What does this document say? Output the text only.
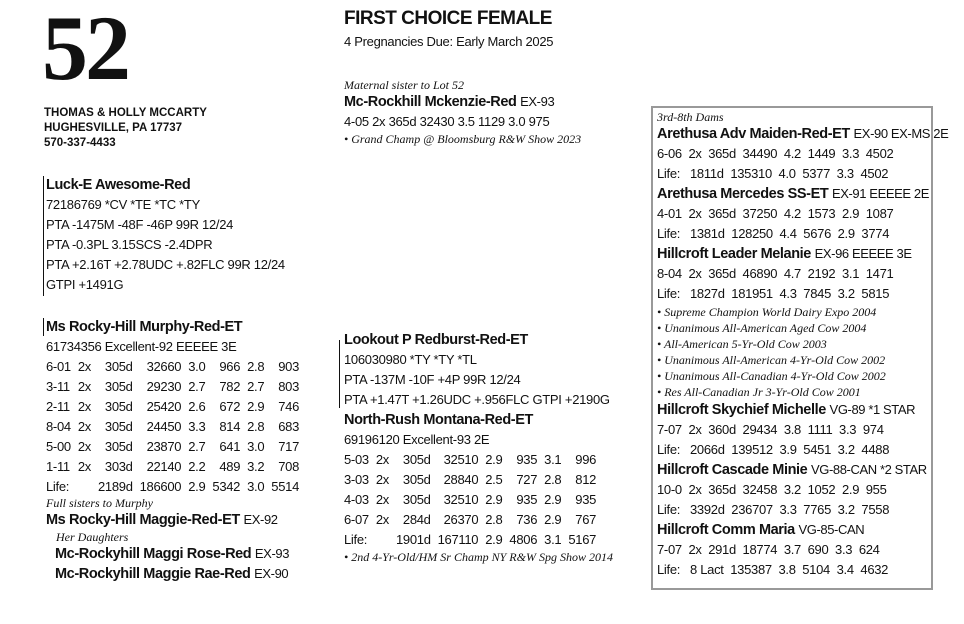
52
THOMAS & HOLLY MCCARTY
HUGHESVILLE, PA 17737
570-337-4433
FIRST CHOICE FEMALE
4 Pregnancies Due: Early March 2025
Luck-E Awesome-Red
72186769 *CV *TE *TC *TY
PTA -1475M -48F -46P 99R 12/24
PTA -0.3PL 3.15SCS -2.4DPR
PTA +2.16T +2.78UDC +.82FLC 99R 12/24
GTPI +1491G
Ms Rocky-Hill Murphy-Red-ET
61734356 Excellent-92 EEEEE 3E
6-01	2x	305d	32660	3.0	966	2.8	903
3-11	2x	305d	29230	2.7	782	2.7	803
2-11	2x	305d	25420	2.6	672	2.9	746
8-04	2x	305d	24450	3.3	814	2.8	683
5-00	2x	305d	23870	2.7	641	3.0	717
1-11	2x	303d	22140	2.2	489	3.2	708
Life:		2189d	186600	2.9	5342	3.0	5514
Full sisters to Murphy
Ms Rocky-Hill Maggie-Red-ET EX-92
Her Daughters
Mc-Rockyhill Maggi Rose-Red EX-93
Mc-Rockyhill Maggie Rae-Red EX-90
Maternal sister to Lot 52
Mc-Rockhill Mckenzie-Red EX-93
4-05 2x 365d 32430 3.5 1129 3.0 975
• Grand Champ @ Bloomsburg R&W Show 2023
Lookout P Redburst-Red-ET
106030980 *TY *TY *TL
PTA -137M -10F +4P 99R 12/24
PTA +1.47T +1.26UDC +.956FLC GTPI +2190G
North-Rush Montana-Red-ET
69196120 Excellent-93 2E
5-03	2x	305d	32510	2.9	935	3.1	996
3-03	2x	305d	28840	2.5	727	2.8	812
4-03	2x	305d	32510	2.9	935	2.9	935
6-07	2x	284d	26370	2.8	736	2.9	767
Life:		1901d	167110	2.9	4806	3.1	5167
• 2nd 4-Yr-Old/HM Sr Champ NY R&W Spg Show 2014
3rd-8th Dams
Arethusa Adv Maiden-Red-ET EX-90 EX-MS 2E
6-06  2x  365d  34490  4.2  1449  3.3  4502
Life:   1811d  135310  4.0  5377  3.3  4502
Arethusa Mercedes SS-ET EX-91 EEEEE 2E
4-01  2x  365d  37250  4.2  1573  2.9  1087
Life:   1381d  128250  4.4  5676  2.9  3774
Hillcroft Leader Melanie EX-96 EEEEE 3E
8-04  2x  365d  46890  4.7  2192  3.1  1471
Life:   1827d  181951  4.3  7845  3.2  5815
• Supreme Champion World Dairy Expo 2004
• Unanimous All-American Aged Cow 2004
• All-American 5-Yr-Old Cow 2003
• Unanimous All-American 4-Yr-Old Cow 2002
• Unanimous All-Canadian 4-Yr-Old Cow 2002
• Res All-Canadian Jr 3-Yr-Old Cow 2001
Hillcroft Skychief Michelle VG-89 *1 STAR
7-07  2x  360d  29434  3.8  1111  3.3  974
Life:   2066d  139512  3.9  5451  3.2  4488
Hillcroft Cascade Minie VG-88-CAN *2 STAR
10-0  2x  365d  32458  3.2  1052  2.9  955
Life:   3392d  236707  3.3  7765  3.2  7558
Hillcroft Comm Maria VG-85-CAN
7-07  2x  291d  18774  3.7  690  3.3  624
Life:   8 Lact  135387  3.8  5104  3.4  4632
